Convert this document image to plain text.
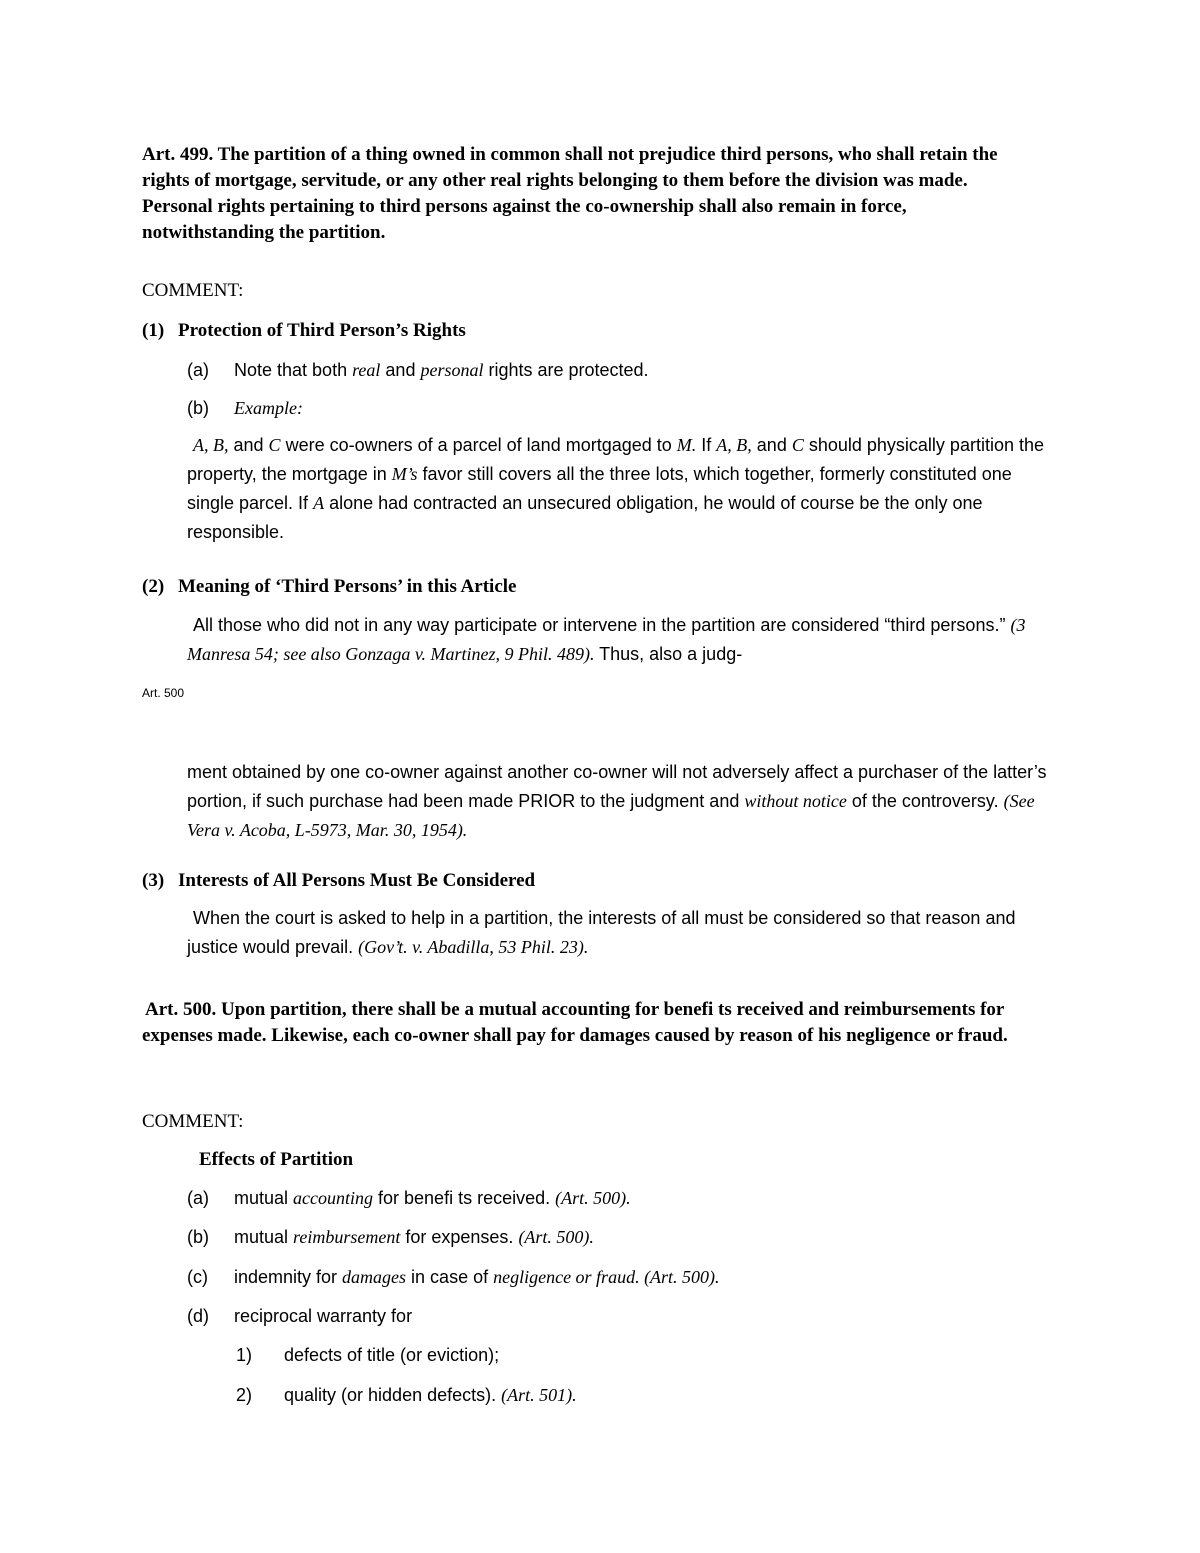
Art. 499. The partition of a thing owned in common shall not prejudice third persons, who shall retain the rights of mortgage, servitude, or any other real rights belonging to them before the division was made. Personal rights pertaining to third persons against the co-ownership shall also remain in force, notwithstanding the partition.

COMMENT:

(1) Protection of Third Person’s Rights

(a) Note that both real and personal rights are protected.

(b) Example:

A, B, and C were co-owners of a parcel of land mortgaged to M. If A, B, and C should physically partition the property, the mortgage in M’s favor still covers all the three lots, which together, formerly constituted one single parcel. If A alone had contracted an unsecured obligation, he would of course be the only one responsible.

(2) Meaning of ‘Third Persons’ in this Article

All those who did not in any way participate or intervene in the partition are considered “third persons.” (3 Manresa 54; see also Gonzaga v. Martinez, 9 Phil. 489). Thus, also a judg-

Art. 500

ment obtained by one co-owner against another co-owner will not adversely affect a purchaser of the latter’s portion, if such purchase had been made PRIOR to the judgment and without notice of the controversy. (See Vera v. Acoba, L-5973, Mar. 30, 1954).

(3) Interests of All Persons Must Be Considered

When the court is asked to help in a partition, the interests of all must be considered so that reason and justice would prevail. (Gov’t. v. Abadilla, 53 Phil. 23).

Art. 500. Upon partition, there shall be a mutual accounting for benefi ts received and reimbursements for expenses made. Likewise, each co-owner shall pay for damages caused by reason of his negligence or fraud.

COMMENT:

Effects of Partition

(a) mutual accounting for benefi ts received. (Art. 500).

(b) mutual reimbursement for expenses. (Art. 500).

(c) indemnity for damages in case of negligence or fraud. (Art. 500).

(d) reciprocal warranty for

1) defects of title (or eviction);

2) quality (or hidden defects). (Art. 501).
